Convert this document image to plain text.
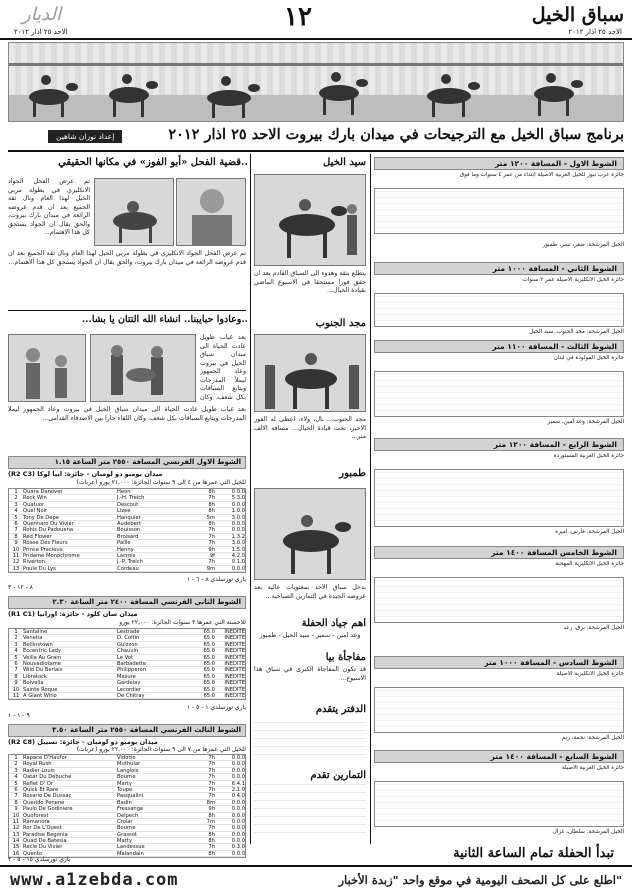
سباق الخيل
١٢
الديار
الاحد ٢٥ اذار ٢٠١٢
الاحد ٢٥ اذار ٢٠١٢
برنامج سباق الخيل مع الترجيحات في ميدان بارك بيروت الاحد ٢٥ اذار ٢٠١٢
إعداد نوران شاهين
قضية الفحل «أبو الفوز» في مكانها الحقيقي..
تم عرض الفحل الجواد الانكليزي في بطولة مربي الخيل لهذا العام ونال ثقة الجميع بعد ان قدم عروضه الرائعة في ميدان بارك بيروت، والحق يقال ان الجواد يستحق كل هذا الاهتمام...
تم عرض الفحل الجواد الانكليزي في بطولة مربي الخيل لهذا العام ونال ثقة الجميع بعد ان قدم عروضه الرائعة في ميدان بارك بيروت، والحق يقال ان الجواد يستحق كل هذا الاهتمام...
...وعادوا حبايبنا.. انشاء الله التتان يا بشا..
بعد غياب طويل عادت الحياة الى ميدان سباق الخيل في بيروت وعاد الجمهور ليملأ المدرجات ويتابع السباقات بكل شغف، وكان
بعد غياب طويل عادت الحياة الى ميدان سباق الخيل في بيروت وعاد الجمهور ليملأ المدرجات ويتابع السباقات بكل شغف، وكان اللقاء حارا بين الاصدقاء القدامى...
الشوط الاول الفرنسي المسافة ٢٥٥٠ متر الساعة ١.١٥
(R2 C3) ميدان بومبو دو لومبان - جائزة: ايبا لوكا
(عربات) للخيل التي عمرها من ٤ الى ٩ سنوات الجائزة: ٢١,٠٠٠ يورو
1	Quara Danover	Heon	8h	0.0.0
2	Rock Win	J.-H. Treich	7h	5.3.0
3	Quatuor	Descout	8h	0.0.0
4	Quel Noir	Lizee	8h	1.0.0
5	Tony De Depe	Hanquier	5m	3.0.0
6	Quennaro Du Vivier	Audebert	8h	0.0.0
7	Rohis Du Padouena	Bouisson	7h	0.0.0
8	Red Flower	Broisard	7h	1.3.2
9	Rosee Des Fleurs	Paille	7h	3.0.0
10 Prince Precieux	Henny	9h	1.5.0
11 Pridame Monochrome	Lacroix	9f	4.2.0
12 Riverton	J.-P. Treich	7h	0.1.0
13 Poule Du Lys	Cordeau	9m	0.0.0
باري تورسلدي ٨ - ٦ - ١
٨ - ١٢ - ٣
الشوط الثاني الفرنسي المسافة ٢٤٠٠ متر الساعة ٢.٣٠
(R1 C1) ميدان سان كلود - جائزة: اورانيا
للاحصنة التي عمرها ٣ سنوات الجائزة: ٢٢,٠٠٠ يورو
1	Santaline	Lestrade	65.0	INEDITE
2	Venetia	D. Coltin	65.0	INEDITE
3	Bellinstown	Guizzon	65.0	INEDITE
4	Eccentric Lady	Chauvin	65.0	INEDITE
5	Veilla Au Grain	Le Vot	65.0	INEDITE
6	Nouvadiotame	Barbadette	65.0	INEDITE
7	Wild Du Berlais	Philipperon	65.0	INEDITE
8	Libratock	Mesure	65.0	INEDITE
9	Bolvella	Gardelay	65.0	INEDITE
10 Sainte Roque	Lecordier	65.0	INEDITE
11 A Giant Wino	De Chitray	65.0	INEDITE
باري تورسلدي ١ - ٥ - ١
٩ - ١ - ١
الشوط الثالث الفرنسي المسافة ٢٥٥٠ متر الساعة ٣.٥٠
(R2 C8) ميدان بومبو دو لومبان - جائزة: تسيبل
(عربات) للخيل التي عمرها من ٧ الى ٩ سنوات الجائزة: ٢٢,٠٠٠ يورو
1	Rapace D'Haufor	Vidotto	7h	0.0.0
2	Royal Rush	Muthular	7h	0.0.0
3	Radier Louis	Langlois	7h	0.0.0
4	Qatar Du Debuche	Bourne	7h	0.0.0
5	Reflet D' Or	Marty	7h	6.4.1
6	Quick Et Rare	Toupe	7h	2.1.0
7	Rosario De Dussac	Pasqualini	7h	0.4.0
8	Querido Penene	Badin	8m	0.0.0
9	Paulo De Godiniere	Fressange	9h	0.0.0
10 Quoforest	Delpech	8h	0.0.0
11 Ramanora	Crolar	7m	0.0.0
12 Ror De L'Ouest	Bourne	7h	0.0.0
13 Paradise Begonia	Grassot	8h	0.0.0
14 Quad De Batesia	Marty	8h	0.0.0
15 Recle Du Vivier	Landessue	7h	0.3.0
16 Quento	Malandain	8h	0.0.0
باري تورسلدي ١٥ - ٥ - ٢
سيد الخيل
يتطلع بثقة وهدوء الى السباق القادم بعد ان حقق فوزا مستحقا في الاسبوع الماضي بقيادة الخيال...
مجد الجنوب
مجد الجنوب... نال، ولاء، اعطى له الفوز الاخير، تحت قيادة الخيال... مسافة الالف متر...
طمبور
يدخل سباق الاحد بمعنويات عالية بعد عروضه الجيدة في التمارين الصباحية...
اهم جياد الحفلة
وعد امين - سمير - سيد الخيل - طمبور
مفاجأة بيا
قد تكون المفاجأة الكبرى في سباق هذا الاسبوع...
الدفتر يتقدم
التمارين تقدم
الشوط الاول - المسافة ١٢٠٠ متر
جائزة عرب نيوز للخيل العربية الاصيلة ابتداء من عمر ٤ سنوات وما فوق
الخيل المرشحة: صقر، نسر، طمبور
الشوط الثاني - المسافة ١٠٠٠ متر
جائزة الخيل الانكليزية الاصيلة عمر ٣ سنوات
الخيل المرشحة: مجد الجنوب، سيد الخيل
الشوط الثالث - المسافة ١١٠٠ متر
جائزة الخيل المولودة في لبنان
الخيل المرشحة: وعد امين، سمير
الشوط الرابع - المسافة ١٢٠٠ متر
جائزة الخيل العربية المستوردة
الخيل المرشحة: فارس، اميرة
الشوط الخامس المسافة ١٤٠٠ متر
جائزة الخيل الانكليزية المهجنة
الخيل المرشحة: برق، رعد
الشوط السادس - المسافة ١٠٠٠ متر
جائزة الخيل الانكليزية الاصيلة
الخيل المرشحة: نجمة، ريم
الشوط السابع - المسافة ١٤٠٠ متر
جائزة الخيل العربية الاصيلة
الخيل المرشحة: سلطان، غزال
تبدأ الحفلة تمام الساعة الثانية
www.a1zebda.com	اطلع على كل الصحف اليومية في موقع واحد "زبدة الأخبار"
